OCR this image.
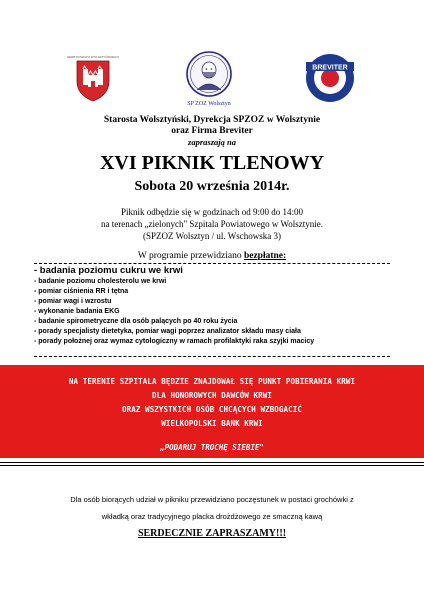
HERB POWIATU WOLSZTYŃSKIEGO
SP ZOZ Wolsztyn
BREVITER
Starosta Wolsztyński, Dyrekcja SPZOZ w Wolsztynie
oraz Firma Breviter
zapraszają na
XVI PIKNIK TLENOWY
Sobota 20 września 2014r.
Piknik odbędzie się w godzinach od 9:00 do 14:00
na terenach „zielonych" Szpitala Powiatowego w Wolsztynie.
(SPZOZ Wolsztyn / ul. Wschowska 3)
W programie przewidziano bezpłatne:
- badania poziomu cukru we krwi
- badanie poziomu cholesterolu we krwi
- pomiar ciśnienia RR i tętna
- pomiar wagi i wzrostu
- wykonanie badania EKG
- badanie spirometryczne dla osób palących po 40 roku życia
- porady specjalisty dietetyka, pomiar wagi poprzez analizator składu masy ciała
- porady położnej oraz wymaz cytologiczny w ramach profilaktyki raka szyjki macicy
NA TERENIE SZPITALA BĘDZIE ZNAJDOWAŁ SIĘ PUNKT POBIERANIA KRWI
DLA HONOROWYCH DAWCÓW KRWI
ORAZ WSZYSTKICH OSÓB CHCĄCYCH WZBOGACIĆ
WIELKOPOLSKI BANK KRWI
„PODARUJ TROCHĘ SIEBIE"
Dla osób biorących udział w pikniku przewidziano poczęstunek w postaci grochówki z
wkładką oraz tradycyjnego placka drożdżowego ze smaczną kawą
SERDECZNIE ZAPRASZAMY!!!
